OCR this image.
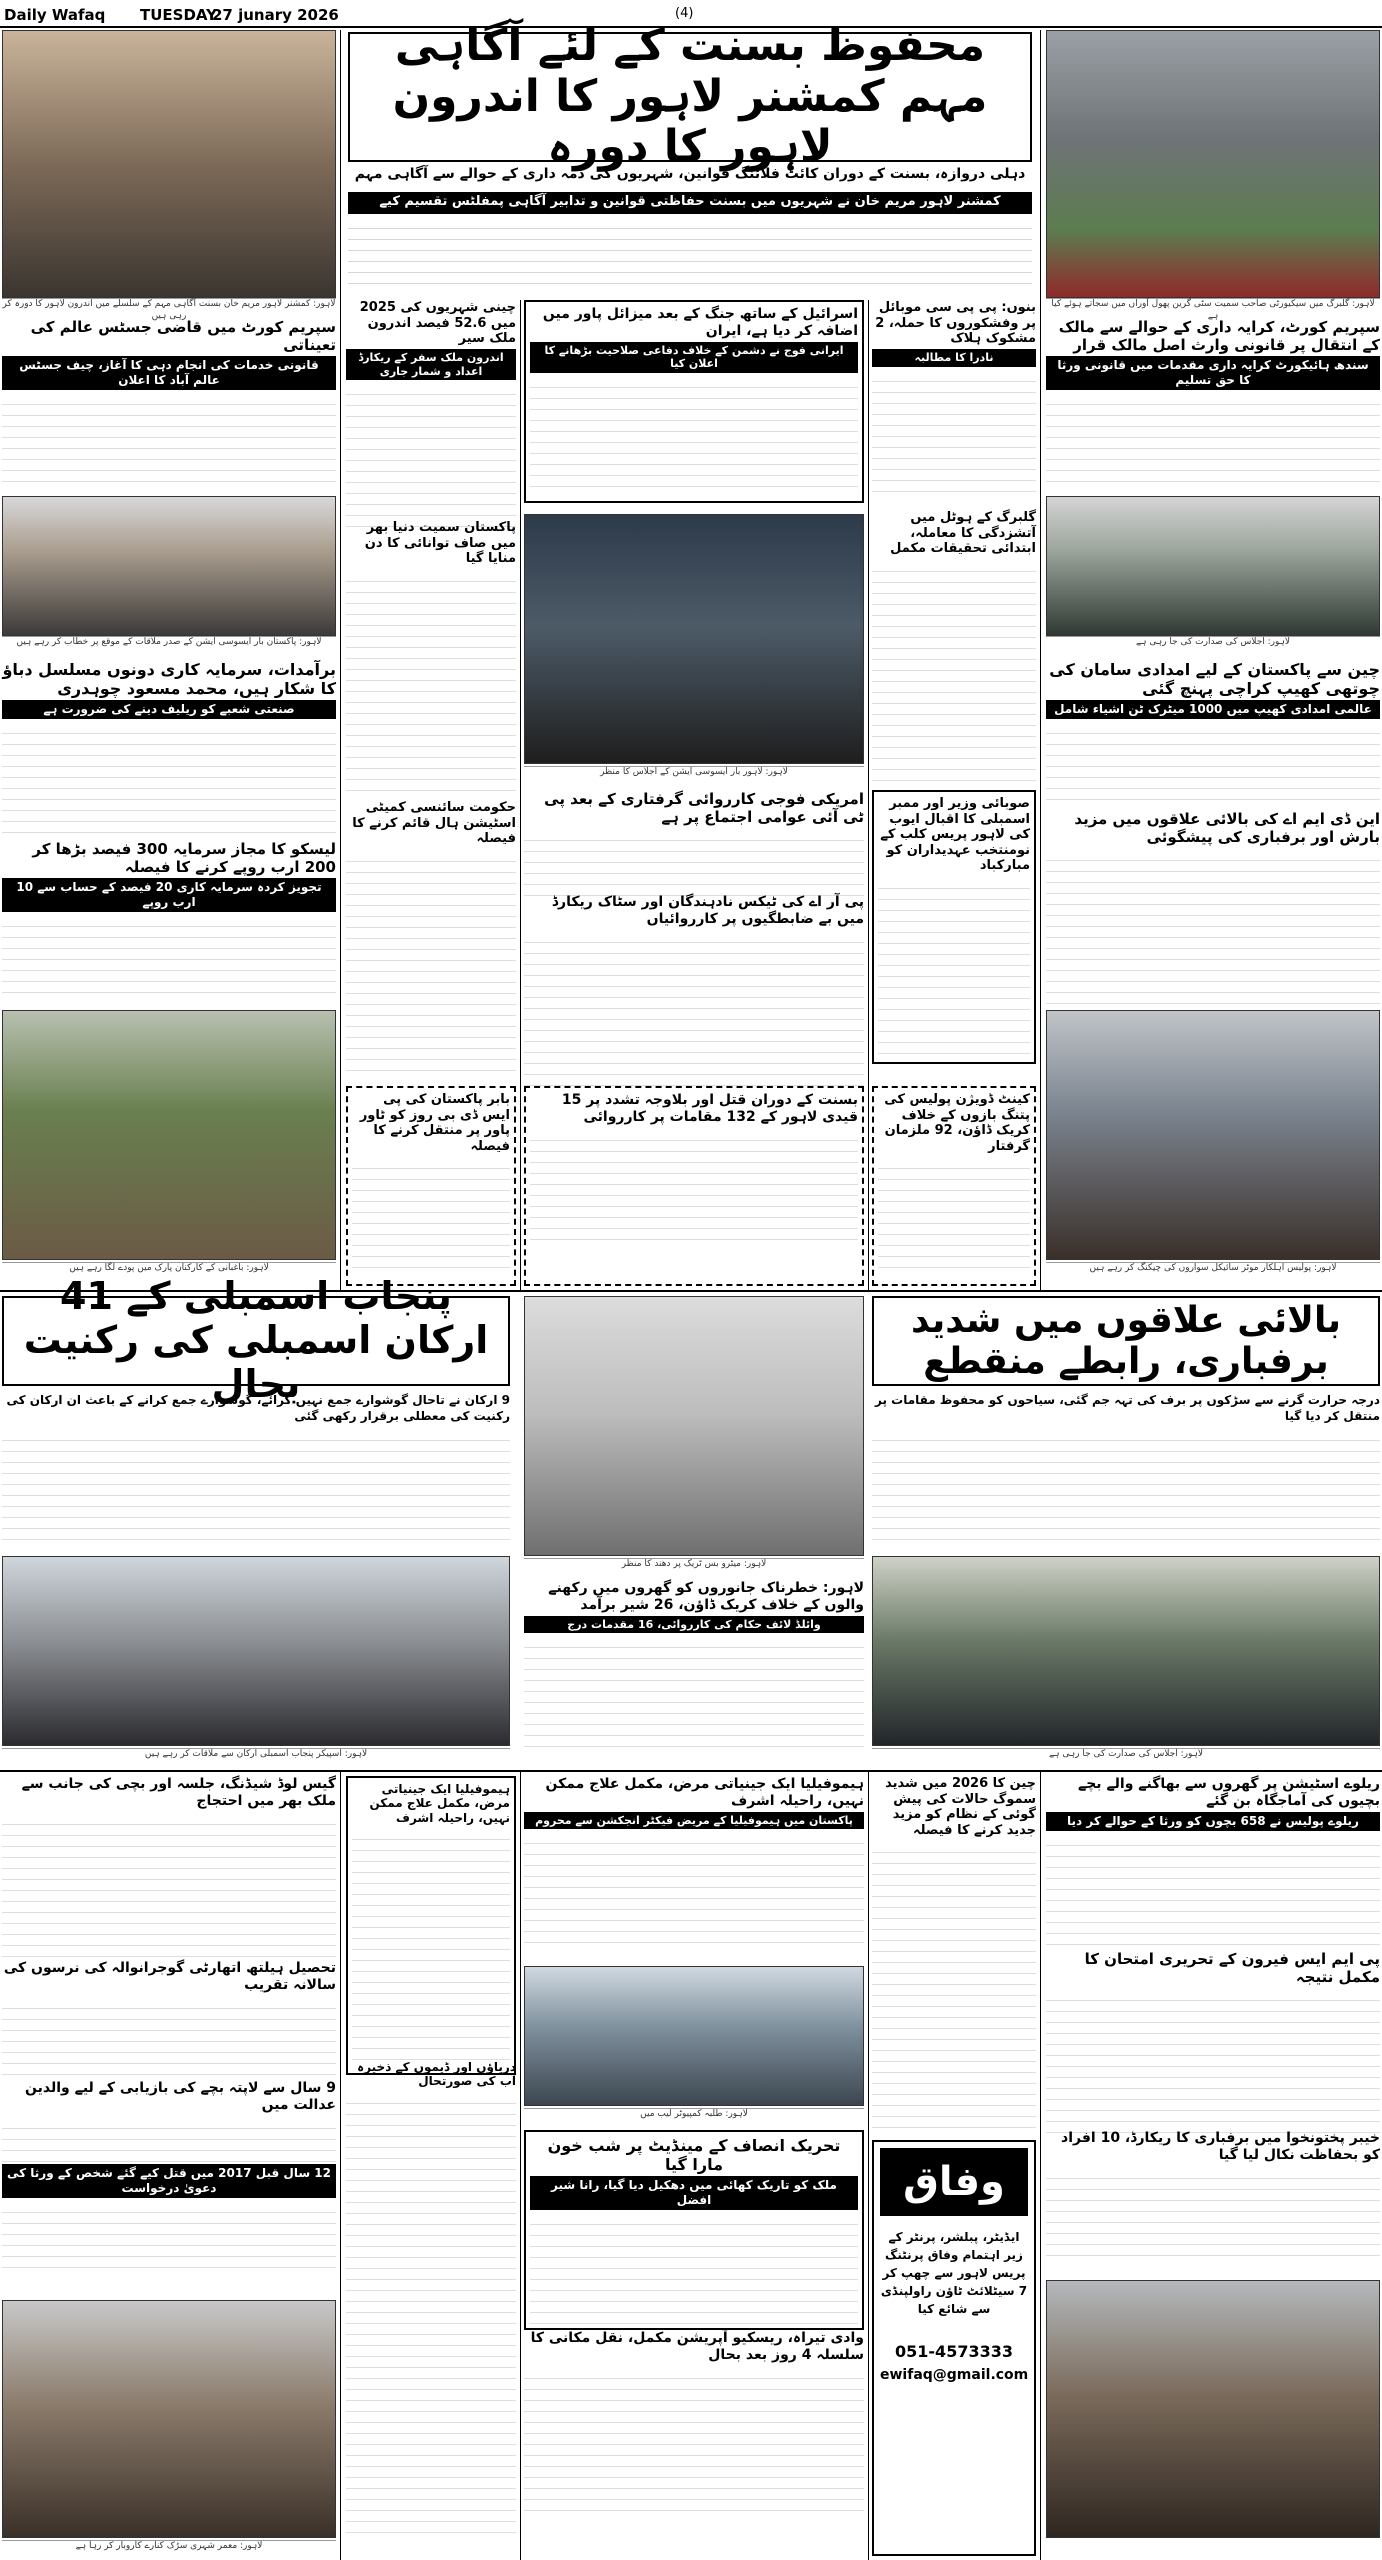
Daily Wafaq	TUESDAY
27 junary 2026	(4)
لاہور: کمشنر لاہور مریم خان بسنت آگاہی مہم کے سلسلے میں اندرون لاہور کا دورہ کر رہی ہیں
محفوظ بسنت کے لئے آگاہی مہم کمشنر لاہور کا اندرون لاہور کا دورہ
دہلی دروازہ، بسنت کے دوران کائٹ فلائنگ قوانین، شہریوں کی ذمہ داری کے حوالے سے آگاہی مہم
کمشنر لاہور مریم خان نے شہریوں میں بسنت حفاظتی قوانین و تدابیر آگاہی پمفلٹس تقسیم کیے
لاہور: گلبرگ میں سیکیورٹی صاحب سمیت سٹی گرین پھول آوراں میں سجاتے ہوئے کیا ہے
سپریم کورٹ میں قاضی جسٹس عالم کی تعیناتی
قانونی خدمات کی انجام دہی کا آغاز، چیف جسٹس عالم آباد کا اعلان
لاہور: پاکستان بار ایسوسی ایشن کے صدر ملاقات کے موقع پر خطاب کر رہے ہیں
برآمدات، سرمایہ کاری دونوں مسلسل دباؤ کا شکار ہیں، محمد مسعود چوہدری
صنعتی شعبے کو ریلیف دینے کی ضرورت ہے
لیسکو کا مجاز سرمایہ 300 فیصد بڑھا کر 200 ارب روپے کرنے کا فیصلہ
تجویز کردہ سرمایہ کاری 20 فیصد کے حساب سے 10 ارب روپے
لاہور: باغبانی کے کارکنان پارک میں پودے لگا رہے ہیں
چینی شہریوں کی 2025 میں 52.6 فیصد اندرون ملک سیر
اندرون ملک سفر کے ریکارڈ اعداد و شمار جاری
پاکستان سمیت دنیا بھر میں صاف توانائی کا دن منایا گیا
حکومت سائنسی کمیٹی اسٹیشن ہال قائم کرنے کا فیصلہ
بابر پاکستان کی پی ایس ڈی بی روز کو ٹاور پاور پر منتقل کرنے کا فیصلہ
اسرائیل کے ساتھ جنگ کے بعد میزائل پاور میں اضافہ کر دیا ہے، ایران
ایرانی فوج نے دشمن کے خلاف دفاعی صلاحیت بڑھانے کا اعلان کیا
لاہور: لاہور بار ایسوسی ایشن کے اجلاس کا منظر
امریکی فوجی کارروائی گرفتاری کے بعد پی ٹی آئی عوامی اجتماع پر ہے
پی آر اے کی ٹیکس نادہندگان اور سٹاک ریکارڈ میں بے ضابطگیوں پر کارروائیاں
بسنت کے دوران قتل اور بلاوجہ تشدد پر 15 قیدی لاہور کے 132 مقامات پر کارروائی
بنوں: پی پی سی موبائل پر وفشکوروں کا حملہ، 2 مشکوک ہلاک
نادرا کا مطالبہ
گلبرگ کے ہوٹل میں آتشزدگی کا معاملہ، ابتدائی تحقیقات مکمل
صوبائی وزیر اور ممبر اسمبلی کا اقبال ایوب کی لاہور پریس کلب کے نومنتخب عہدیداران کو مبارکباد
کینٹ ڈویژن پولیس کی پتنگ بازوں کے خلاف کریک ڈاؤن، 92 ملزمان گرفتار
سپریم کورٹ، کرایہ داری کے حوالے سے مالک کے انتقال پر قانونی وارث اصل مالک قرار
سندھ ہائیکورٹ کرایہ داری مقدمات میں قانونی ورثا کا حق تسلیم
لاہور: اجلاس کی صدارت کی جا رہی ہے
چین سے پاکستان کے لیے امدادی سامان کی چوتھی کھیپ کراچی پہنچ گئی
عالمی امدادی کھیپ میں 1000 میٹرک ٹن اشیاء شامل
این ڈی ایم اے کی بالائی علاقوں میں مزید بارش اور برفباری کی پیشگوئی
لاہور: پولیس اہلکار موٹر سائیکل سواروں کی چیکنگ کر رہے ہیں
پنجاب اسمبلی کے 41 ارکان اسمبلی کی رکنیت بحال
9 ارکان نے تاحال گوشوارے جمع نہیں کرائے، گوشوارے جمع کرانے کے باعث ان ارکان کی رکنیت کی معطلی برقرار رکھی گئی
لاہور: اسپیکر پنجاب اسمبلی ارکان سے ملاقات کر رہے ہیں
لاہور: میٹرو بس ٹریک پر دھند کا منظر
لاہور: خطرناک جانوروں کو گھروں میں رکھنے والوں کے خلاف کریک ڈاؤن، 26 شیر برآمد
وائلڈ لائف حکام کی کارروائی، 16 مقدمات درج
بالائی علاقوں میں شدید برفباری، رابطے منقطع
درجہ حرارت گرنے سے سڑکوں پر برف کی تہہ جم گئی، سیاحوں کو محفوظ مقامات پر منتقل کر دیا گیا
لاہور: اجلاس کی صدارت کی جا رہی ہے
گیس لوڈ شیڈنگ، جلسہ اور بچی کی جانب سے ملک بھر میں احتجاج
تحصیل ہیلتھ اتھارٹی گوجرانوالہ کی نرسوں کی سالانہ تقریب
9 سال سے لاپتہ بچے کی بازیابی کے لیے والدین عدالت میں
12 سال قبل 2017 میں قتل کیے گئے شخص کے ورثا کی دعویٰ درخواست
لاہور: معمر شہری سڑک کنارے کاروبار کر رہا ہے
ہیموفیلیا ایک جینیاتی مرض، مکمل علاج ممکن نہیں، راحیلہ اشرف
دریاؤں اور ڈیموں کے ذخیرہ آب کی صورتحال
ہیموفیلیا ایک جینیاتی مرض، مکمل علاج ممکن نہیں، راحیلہ اشرف
پاکستان میں ہیموفیلیا کے مریض فیکٹر انجکشن سے محروم
لاہور: طلبہ کمپیوٹر لیب میں
تحریک انصاف کے مینڈیٹ پر شب خون مارا گیا
ملک کو تاریک کھائی میں دھکیل دیا گیا، رانا شیر افضل
وادی تیراہ، ریسکیو آپریشن مکمل، نقل مکانی کا سلسلہ 4 روز بعد بحال
چین کا 2026 میں شدید سموگ حالات کی پیش گوئی کے نظام کو مزید جدید کرنے کا فیصلہ
وفاق
ایڈیٹر، پبلشر، پرنٹر کے زیر اہتمام وفاق پرنٹنگ پریس لاہور سے چھپ کر 7 سیٹلائٹ ٹاؤن راولپنڈی سے شائع کیا
051-4573333
ewifaq@gmail.com
ریلوے اسٹیشن پر گھروں سے بھاگنے والے بچے بچیوں کی آماجگاہ بن گئے
ریلوے پولیس نے 658 بچوں کو ورثا کے حوالے کر دیا
پی ایم ایس فیرون کے تحریری امتحان کا مکمل نتیجہ
خیبر پختونخوا میں برفباری کا ریکارڈ، 10 افراد کو بحفاظت نکال لیا گیا
